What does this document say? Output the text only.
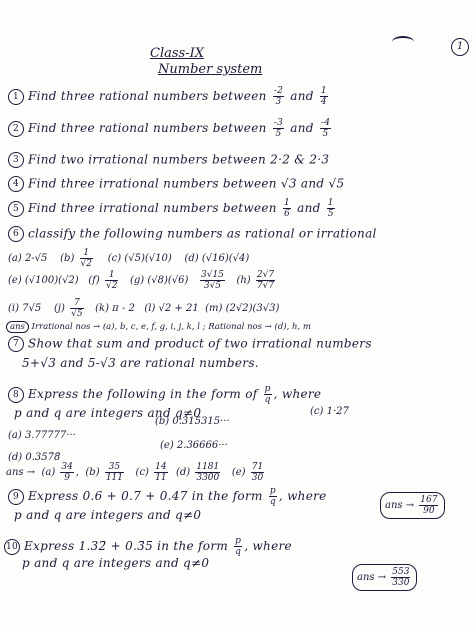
1
Class-IX
Number system
1 Find three rational numbers between $\frac{-2}{3}$ and $\frac{1}{4}$
2 Find three rational numbers between $\frac{-3}{5}$ and $\frac{-4}{5}$
3 Find two irrational numbers between 2·2 & 2·3
4 Find three irrational numbers between √3 and √5
5 Find three irrational numbers between $\frac{1}{6}$ and $\frac{1}{5}$
6 classify the following numbers as rational or irrational
(a) 2-√5 $(b) \frac{1}{√2} (c)$ (√5)(√10) (d) (√16)(√4)
(e) (√100)(√2) $(f) \frac{1}{√2} (g)$ $(√8)(√6) \frac{3√15}{3√5} (h) \frac{2√7}{7√7}$
(i) 7√5 $(j) \frac{7}{√5} (k)$ π - 2 (l) √2 + 21 (m) (2√2)(3√3)
ans Irrational nos → (a), b, c, e, f, g, i, j, k, l ; Rational nos → (d), h, m
7 Show that sum and product of two irrational numbers
5+√3 and 5-√3 are rational numbers.
8 Express the following in the form of $\frac{p}{q}$ , where
p and q are integers and q≠0
(a) 3.77777···
(b) 0.315315···
(c) 1·27̄
(d) 0.357̄8̄
(e) 2.36666···
ans → $(a) \frac{34}{9}$ ,  $(b) \frac{35}{111} (c) \frac{14}{11} (d) \frac{1181}{3300} (e) \frac{71}{30}$
9 Express 0.6 + 0.7̄ + 0.47̄ in the form $\frac{p}{q}$ , where
p and q are integers and q≠0
ans → $\frac{167}{90}$
10 Express 1.32̄ + 0.3̄5̄ in the form $\frac{p}{q}$ , where
p and q are integers and q≠0
ans → $\frac{553}{330}$
